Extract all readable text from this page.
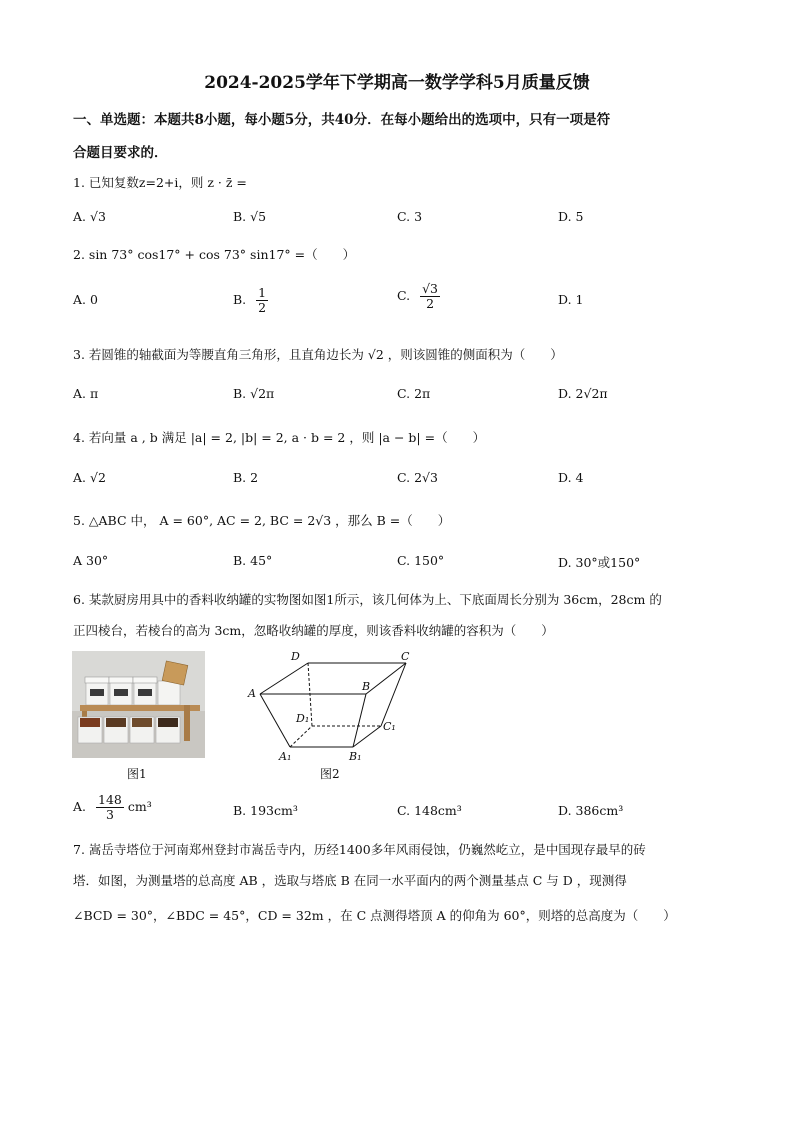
2024-2025学年下学期高一数学学科5月质量反馈
一、单选题：本题共8小题，每小题5分，共40分．在每小题给出的选项中，只有一项是符
合题目要求的．
1. 已知复数z=2+i，则 z · z̄ =
A. √3	B. √5	C. 3	D. 5
2. sin 73° cos17° + cos 73° sin17° =（　　）
A. 0	B. $\frac{1}{2}$	C. $\frac{√3}{2}$	D. 1
3. 若圆锥的轴截面为等腰直角三角形，且直角边长为 √2 ，则该圆锥的侧面积为（　　）
A. π	B. √2π	C. 2π	D. 2√2π
4. 若向量 a , b 满足 |a| = 2, |b| = 2, a · b = 2 ，则 |a − b| =（　　）
A. √2	B. 2	C. 2√3	D. 4
5. △ABC 中， A = 60°, AC = 2, BC = 2√3 ，那么 B =（　　）
A 30°	B. 45°	C. 150°	D. 30°或150°
6. 某款厨房用具中的香料收纳罐的实物图如图1所示，该几何体为上、下底面周长分别为 36cm，28cm 的
正四棱台，若棱台的高为 3cm，忽略收纳罐的厚度，则该香料收纳罐的容积为（　　）
图1
D	C
A
B
D₁
C₁
A₁	B₁
图2
A. $\frac{148}{3} cm^3$	B. 193cm³	C. 148cm³	D. 386cm³
7. 嵩岳寺塔位于河南郑州登封市嵩岳寺内，历经1400多年风雨侵蚀，仍巍然屹立，是中国现存最早的砖
塔．如图，为测量塔的总高度 AB ，选取与塔底 B 在同一水平面内的两个测量基点 C 与 D ，现测得
∠BCD = 30°，∠BDC = 45°，CD = 32m ，在 C 点测得塔顶 A 的仰角为 60°，则塔的总高度为（　　）
